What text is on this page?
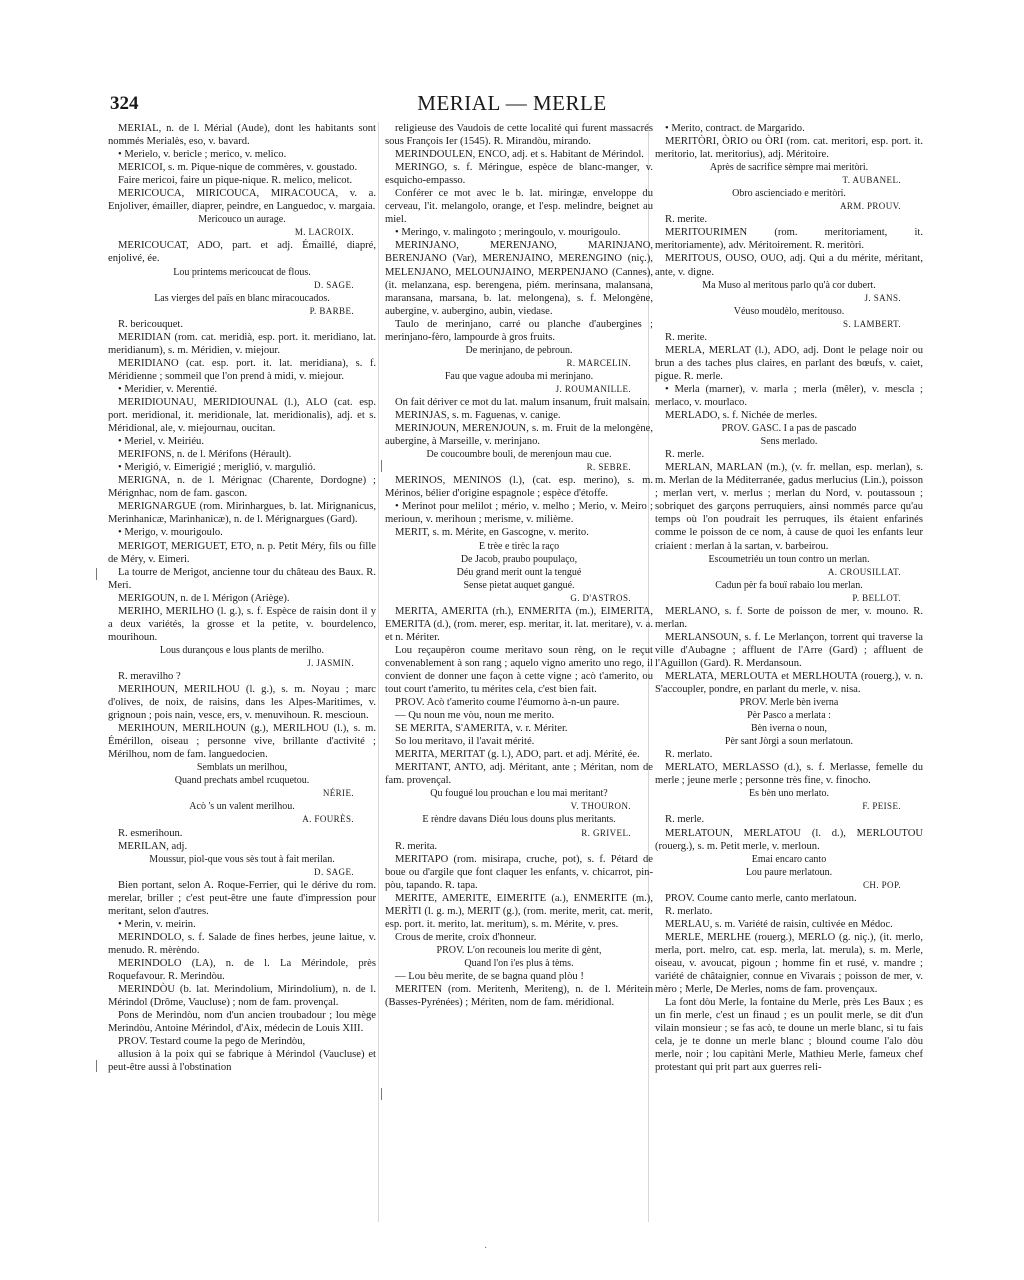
324	MERIAL — MERLE

MERIAL, n. de l. Mérial (Aude), dont les habitants sont nommés Merialès, eso, v. bavard.

• Merielo, v. bericle ; merico, v. melico.

MERICOI, s. m. Pique-nique de commères, v. goustado.

Faire mericoi, faire un pique-nique. R. melico, melicot.

MERICOUCA, MIRICOUCA, MIRACOUCA, v. a. Enjoliver, émailler, diaprer, peindre, en Languedoc, v. margaia.

Mericouco un aurage.
M. LACROIX.

MERICOUCAT, ADO, part. et adj. Émaillé, diapré, enjolivé, ée.

Lou printems mericoucat de flous.
D. SAGE.

Las vierges del païs en blanc miracoucados.
P. BARBE.

R. bericouquet.

MERIDIAN (rom. cat. meridià, esp. port. it. meridiano, lat. meridianum), s. m. Méridien, v. miejour.

MERIDIANO (cat. esp. port. it. lat. meridiana), s. f. Méridienne ; sommeil que l'on prend à midi, v. miejour.

• Meridier, v. Merentié.

MERIDIOUNAU, MERIDIOUNAL (l.), ALO (cat. esp. port. meridional, it. meridionale, lat. meridionalis), adj. et s. Méridional, ale, v. miejournau, oucitan.

• Meriel, v. Meiriéu.

MERIFONS, n. de l. Mérifons (Hérault).

• Merigió, v. Eimerigié ; meriglió, v. margulió.

MERIGNA, n. de l. Mérignac (Charente, Dordogne) ; Mérignhac, nom de fam. gascon.

MERIGNARGUE (rom. Mirinhargues, b. lat. Mirignanicus, Merinhanicæ, Marinhanicæ), n. de l. Mérignargues (Gard).

• Merigo, v. mourigoulo.

MERIGOT, MERIGUET, ETO, n. p. Petit Méry, fils ou fille de Méry, v. Eimeri.

La tourre de Merigot, ancienne tour du château des Baux. R. Meri.

MERIGOUN, n. de l. Mérigon (Ariège).

MERIHO, MERILHO (l. g.), s. f. Espèce de raisin dont il y a deux variétés, la grosse et la petite, v. bourdelenco, mourihoun.

Lous durançous e lous plants de merilho.
J. JASMIN.

R. meravilho ?

MERIHOUN, MERILHOU (l. g.), s. m. Noyau ; marc d'olives, de noix, de raisins, dans les Alpes-Maritimes, v. grignoun ; pois nain, vesce, ers, v. menuvihoun. R. mescioun.

MERIHOUN, MERILHOUN (g.), MERILHOU (l.), s. m. Émérillon, oiseau ; personne vive, brillante d'activité ; Mérilhou, nom de fam. languedocien.

Semblats un merilhou,
Quand prechats ambel rcuquetou.
NÉRIE.

Acò 's un valent merilhou.
A. FOURÈS.

R. esmerihoun.

MERILAN, adj.

Moussur, piol-que vous sès tout à fait merilan.
D. SAGE.

Bien portant, selon A. Roque-Ferrier, qui le dérive du rom. merelar, briller ; c'est peut-être une faute d'impression pour meritant, selon d'autres.

• Merin, v. meirin.

MERINDOLO, s. f. Salade de fines herbes, jeune laitue, v. menudo. R. mèrèndo.

MERINDOLO (LA), n. de l. La Mérindole, près Roquefavour. R. Merindòu.

MERINDÒU (b. lat. Merindolium, Mirindolium), n. de l. Mérindol (Drôme, Vaucluse) ; nom de fam. provençal.

Pons de Merindòu, nom d'un ancien troubadour ; lou mège Merindòu, Antoine Mérindol, d'Aix, médecin de Louis XIII.

PROV. Testard coume la pego de Merindòu,

allusion à la poix qui se fabrique à Mérindol (Vaucluse) et peut-être aussi à l'obstination

religieuse des Vaudois de cette localité qui furent massacrés sous François Ier (1545). R. Mirandòu, mirando.

MERINDOULEN, ENCO, adj. et s. Habitant de Mérindol.

MERINGO, s. f. Méringue, espèce de blanc-manger, v. esquicho-empasso.

Conférer ce mot avec le b. lat. miringæ, enveloppe du cerveau, l'it. melangolo, orange, et l'esp. melindre, beignet au miel.

• Meringo, v. malingoto ; meringoulo, v. mourigoulo.

MERINJANO, MERENJANO, MARINJANO, BERENJANO (Var), MERENJAINO, MERENGINO (niç.), MELENJANO, MELOUNJAINO, MERPENJANO (Cannes), (it. melanzana, esp. berengena, piém. merinsana, malansana, maransana, marsana, b. lat. melongena), s. f. Melongène, aubergine, v. aubergino, aubin, viedase.

Taulo de merinjano, carré ou planche d'aubergines ; merinjano-fèro, lampourde à gros fruits.

De merinjano, de pebroun.
R. MARCELIN.

Fau que vague adouba mi merinjano.
J. ROUMANILLE.

On fait dériver ce mot du lat. malum insanum, fruit malsain.

MERINJAS, s. m. Faguenas, v. canige.

MERINJOUN, MERENJOUN, s. m. Fruit de la melongène, aubergine, à Marseille, v. merinjano.

De coucoumbre bouli, de merenjoun mau cue.
R. SEBRE.

MERINOS, MENINOS (l.), (cat. esp. merino), s. m. Mérinos, bélier d'origine espagnole ; espèce d'étoffe.

• Merinot pour melilot ; mério, v. melho ; Merio, v. Meiro ; merioun, v. merihoun ; merisme, v. milième.

MERIT, s. m. Mérite, en Gascogne, v. merito.

E trèe e tirèc la raço
De Jacob, praubo poupulaço,
Déu grand merit ount la tengué
Sense pietat auquet gangué.
G. D'ASTROS.

MERITA, AMERITA (rh.), ENMERITA (m.), EIMERITA, EMERITA (d.), (rom. merer, esp. meritar, it. lat. meritare), v. a. et n. Mériter.

Lou reçaupèron coume meritavo soun rèng, on le reçut convenablement à son rang ; aquelo vigno amerito uno rego, il convient de donner une façon à cette vigne ; acò t'amerito, ou tout court t'amerito, tu mérites cela, c'est bien fait.

PROV. Acò t'amerito coume l'éumorno à-n-un paure.

— Qu noun me vòu, noun me merito.

SE MERITA, S'AMERITA, v. r. Mériter.

So lou meritavo, il l'avait mérité.

MERITA, MERITAT (g. l.), ADO, part. et adj. Mérité, ée.

MERITANT, ANTO, adj. Méritant, ante ; Méritan, nom de fam. provençal.

Qu fougué lou prouchan e lou mai meritant?
V. THOURON.

E rèndre davans Diéu lous douns plus meritants.
R. GRIVEL.

R. merita.

MERITAPO (rom. misirapa, cruche, pot), s. f. Pétard de boue ou d'argile que font claquer les enfants, v. chicarrot, pin-pòu, tapando. R. tapa.

MERITE, AMERITE, EIMERITE (a.), ENMERITE (m.), MERÌTI (l. g. m.), MERIT (g.), (rom. merite, merit, cat. merit, esp. port. it. merito, lat. meritum), s. m. Mérite, v. pres.

Crous de merite, croix d'honneur.

PROV. L'on recouneis lou merite di gènt,
Quand l'on i'es plus à tèms.

— Lou bèu merite, de se bagna quand plòu !

MERITEN (rom. Meritenh, Meriteng), n. de l. Méritein (Basses-Pyrénées) ; Mériten, nom de fam. méridional.

• Merito, contract. de Margarido.

MERITÒRI, ÒRIO ou ÒRI (rom. cat. meritori, esp. port. it. meritorio, lat. meritorius), adj. Méritoire.

Après de sacrifice sèmpre mai meritòri.
T. AUBANEL.

Obro ascienciado e meritòri.
ARM. PROUV.

R. merite.

MERITOURIMEN (rom. meritoriament, it. meritoriamente), adv. Méritoirement. R. meritòri.

MERITOUS, OUSO, OUO, adj. Qui a du mérite, méritant, ante, v. digne.

Ma Muso al meritous parlo qu'à cor dubert.
J. SANS.

Véuso moudèlo, meritouso.
S. LAMBERT.

R. merite.

MERLA, MERLAT (l.), ADO, adj. Dont le pelage noir ou brun a des taches plus claires, en parlant des bœufs, v. caiet, pigue. R. merle.

• Merla (marner), v. marla ; merla (mêler), v. mescla ; merlaco, v. mourlaco.

MERLADO, s. f. Nichée de merles.

PROV. GASC. I a pas de pascado
Sens merlado.

R. merle.

MERLAN, MARLAN (m.), (v. fr. mellan, esp. merlan), s. m. Merlan de la Méditerranée, gadus merlucius (Lin.), poisson ; merlan vert, v. merlus ; merlan du Nord, v. poutassoun ; sobriquet des garçons perruquiers, ainsi nommés parce qu'au temps où l'on poudrait les perruques, ils étaient enfarinés comme le poisson de ce nom, à cause de quoi les enfants leur criaient : merlan à la sartan, v. barbeirou.

Escoumetriéu un toun contro un merlan.
A. CROUSILLAT.

Cadun pèr fa bouï rabaio lou merlan.
P. BELLOT.

MERLANO, s. f. Sorte de poisson de mer, v. mouno. R. merlan.

MERLANSOUN, s. f. Le Merlançon, torrent qui traverse la ville d'Aubagne ; affluent de l'Arre (Gard) ; affluent de l'Aguillon (Gard). R. Merdansoun.

MERLATA, MERLOUTA et MERLHOUTA (rouerg.), v. n. S'accoupler, pondre, en parlant du merle, v. nisa.

PROV. Merle bèn iverna
Pèr Pasco a merlata :
Bèn iverna o noun,
Pèr sant Jòrgi a soun merlatoun.

R. merlato.

MERLATO, MERLASSO (d.), s. f. Merlasse, femelle du merle ; jeune merle ; personne très fine, v. finocho.

Es bèn uno merlato.
F. PEISE.

R. merle.

MERLATOUN, MERLATOU (l. d.), MERLOUTOU (rouerg.), s. m. Petit merle, v. merloun.

Emai encaro canto
Lou paure merlatoun.
CH. POP.

PROV. Coume canto merle, canto merlatoun.

R. merlato.

MERLAU, s. m. Variété de raisin, cultivée en Médoc.

MERLE, MERLHE (rouerg.), MERLO (g. niç.), (it. merlo, merla, port. melro, cat. esp. merla, lat. merula), s. m. Merle, oiseau, v. avoucat, pigoun ; homme fin et rusé, v. mandre ; variété de châtaignier, connue en Vivarais ; poisson de mer, v. mèro ; Merle, De Merles, noms de fam. provençaux.

La font dòu Merle, la fontaine du Merle, près Les Baux ; es un fin merle, c'est un finaud ; es un poulit merle, se dit d'un vilain monsieur ; se fas acò, te doune un merle blanc, si tu fais cela, je te donne un merle blanc ; blound coume l'alo dòu merle, noir ; lou capitàni Merle, Mathieu Merle, fameux chef protestant qui prit part aux guerres reli-

·
